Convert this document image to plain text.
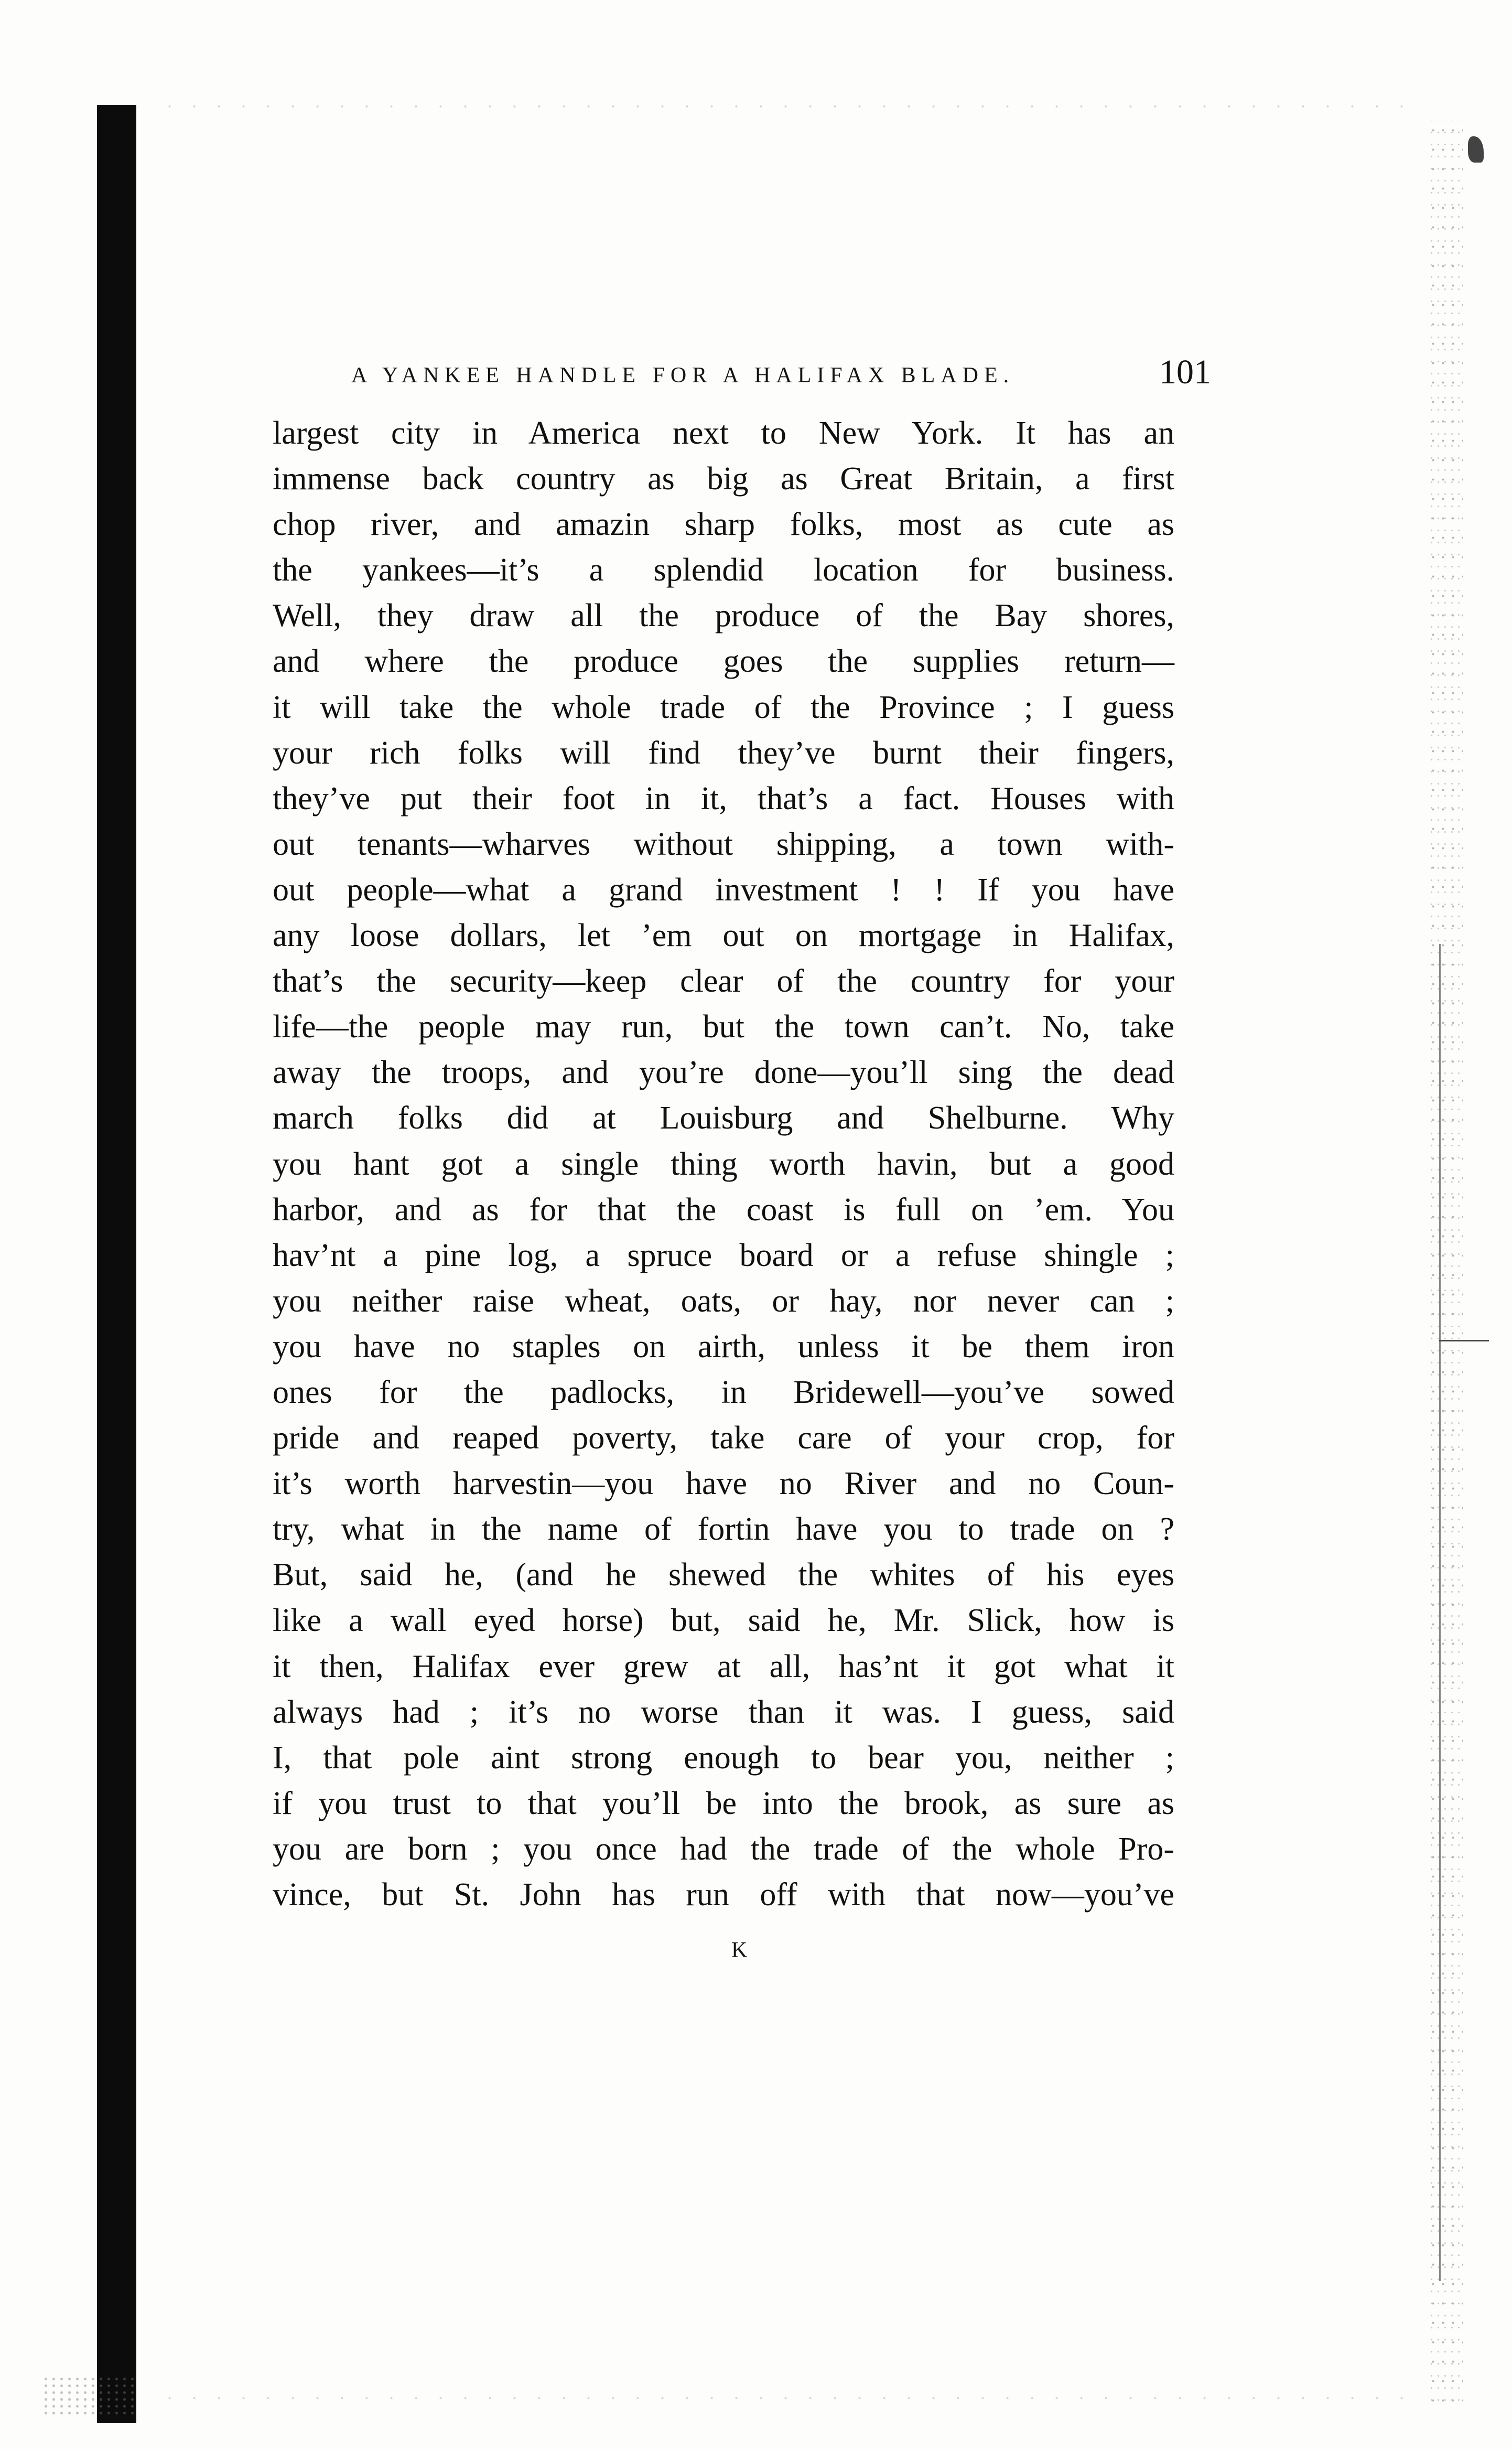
A YANKEE HANDLE FOR A HALIFAX BLADE.	101
largest city in America next to New York. It has an
immense back country as big as Great Britain, a first
chop river, and amazin sharp folks, most as cute as
the yankees—it’s a splendid location for business.
Well, they draw all the produce of the Bay shores,
and where the produce goes the supplies return—
it will take the whole trade of the Province ; I guess
your rich folks will find they’ve burnt their fingers,
they’ve put their foot in it, that’s a fact. Houses with
out tenants—wharves without shipping, a town with-
out people—what a grand investment ! ! If you have
any loose dollars, let ’em out on mortgage in Halifax,
that’s the security—keep clear of the country for your
life—the people may run, but the town can’t. No, take
away the troops, and you’re done—you’ll sing the dead
march folks did at Louisburg and Shelburne. Why
you hant got a single thing worth havin, but a good
harbor, and as for that the coast is full on ’em. You
hav’nt a pine log, a spruce board or a refuse shingle ;
you neither raise wheat, oats, or hay, nor never can ;
you have no staples on airth, unless it be them iron
ones for the padlocks, in Bridewell—you’ve sowed
pride and reaped poverty, take care of your crop, for
it’s worth harvestin—you have no River and no Coun-
try, what in the name of fortin have you to trade on ?
But, said he, (and he shewed the whites of his eyes
like a wall eyed horse) but, said he, Mr. Slick, how is
it then, Halifax ever grew at all, has’nt it got what it
always had ; it’s no worse than it was. I guess, said
I, that pole aint strong enough to bear you, neither ;
if you trust to that you’ll be into the brook, as sure as
you are born ; you once had the trade of the whole Pro-
vince, but St. John has run off with that now—you’ve
K
